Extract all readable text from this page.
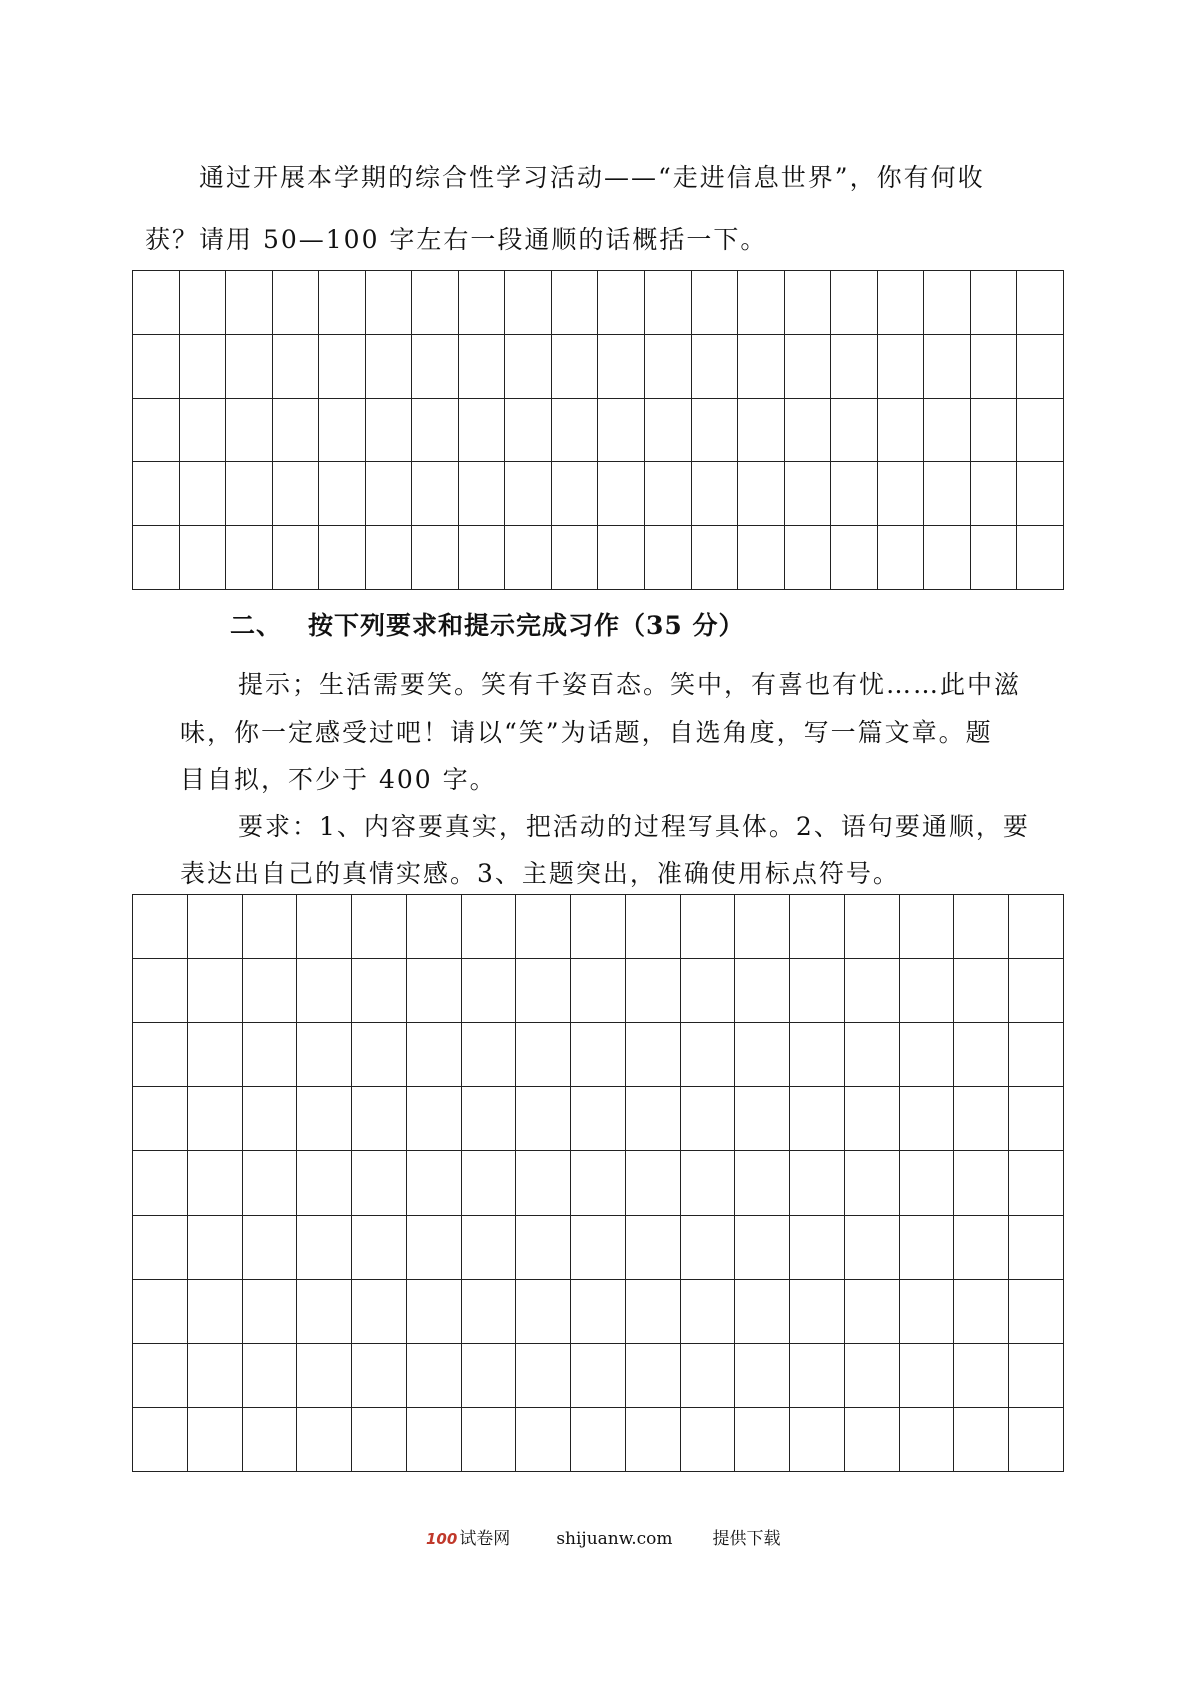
通过开展本学期的综合性学习活动——“走进信息世界”，你有何收
获？请用 50—100 字左右一段通顺的话概括一下。
二、 按下列要求和提示完成习作（35 分）
提示；生活需要笑。笑有千姿百态。笑中，有喜也有忧……此中滋
味，你一定感受过吧！请以“笑”为话题，自选角度，写一篇文章。题
目自拟，不少于 400 字。
要求：1、内容要真实，把活动的过程写具体。2、语句要通顺，要
表达出自己的真情实感。3、主题突出，准确使用标点符号。
100 试卷网	shijuanw.com 提供下载
